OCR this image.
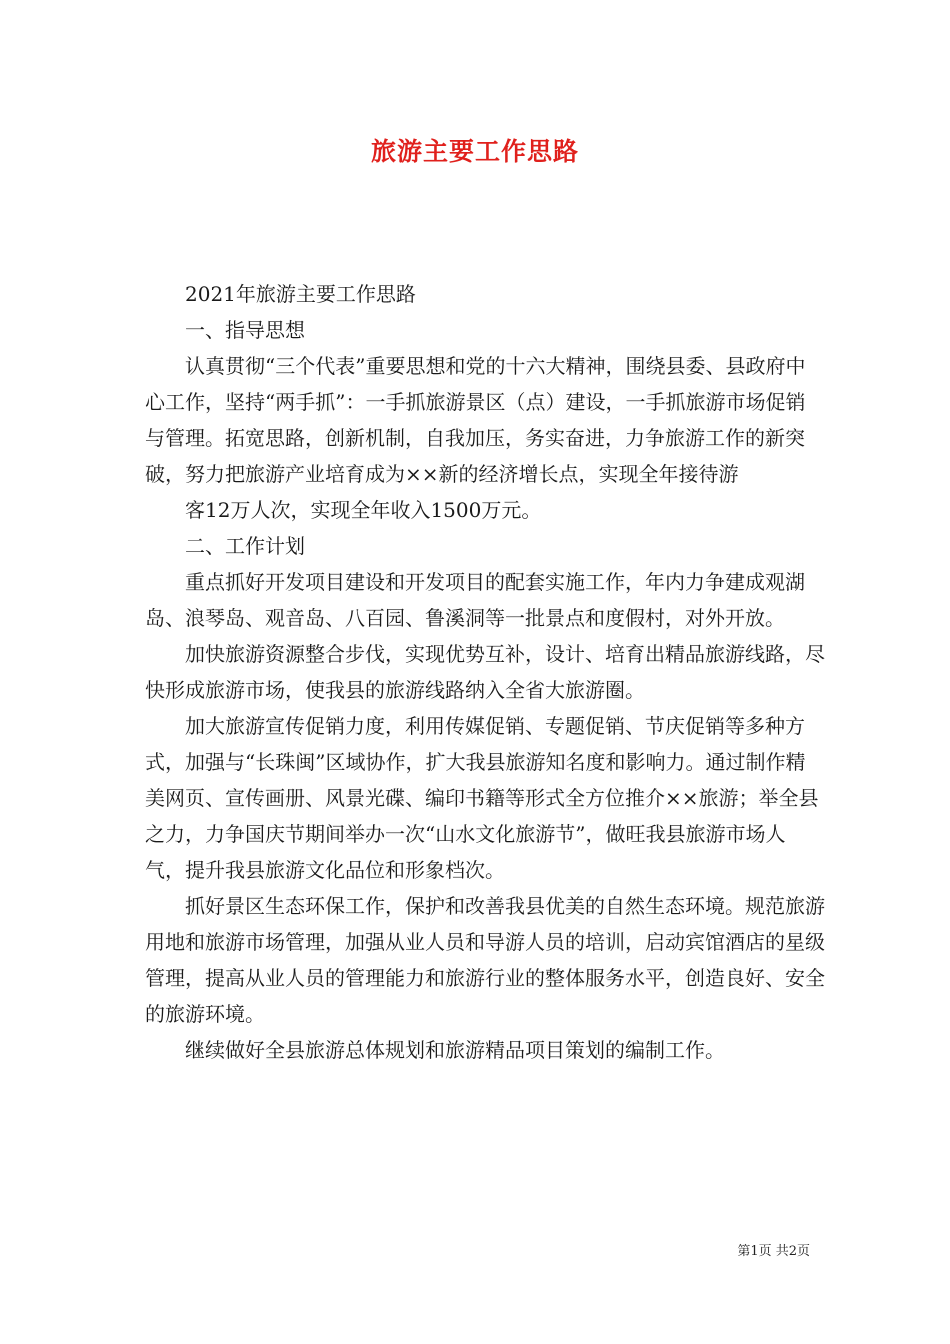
旅游主要工作思路

2021年旅游主要工作思路

一、指导思想

认真贯彻“三个代表”重要思想和党的十六大精神，围绕县委、县政府中心工作，坚持“两手抓”：一手抓旅游景区（点）建设，一手抓旅游市场促销与管理。拓宽思路，创新机制，自我加压，务实奋进，力争旅游工作的新突破，努力把旅游产业培育成为××新的经济增长点，实现全年接待游

客12万人次，实现全年收入1500万元。

二、工作计划

重点抓好开发项目建设和开发项目的配套实施工作，年内力争建成观湖岛、浪琴岛、观音岛、八百园、鲁溪洞等一批景点和度假村，对外开放。

加快旅游资源整合步伐，实现优势互补，设计、培育出精品旅游线路，尽快形成旅游市场，使我县的旅游线路纳入全省大旅游圈。

加大旅游宣传促销力度，利用传媒促销、专题促销、节庆促销等多种方式，加强与“长珠闽”区域协作，扩大我县旅游知名度和影响力。通过制作精美网页、宣传画册、风景光碟、编印书籍等形式全方位推介××旅游；举全县之力，力争国庆节期间举办一次“山水文化旅游节”，做旺我县旅游市场人气，提升我县旅游文化品位和形象档次。

抓好景区生态环保工作，保护和改善我县优美的自然生态环境。规范旅游用地和旅游市场管理，加强从业人员和导游人员的培训，启动宾馆酒店的星级管理，提高从业人员的管理能力和旅游行业的整体服务水平，创造良好、安全的旅游环境。

继续做好全县旅游总体规划和旅游精品项目策划的编制工作。

第1页 共2页
